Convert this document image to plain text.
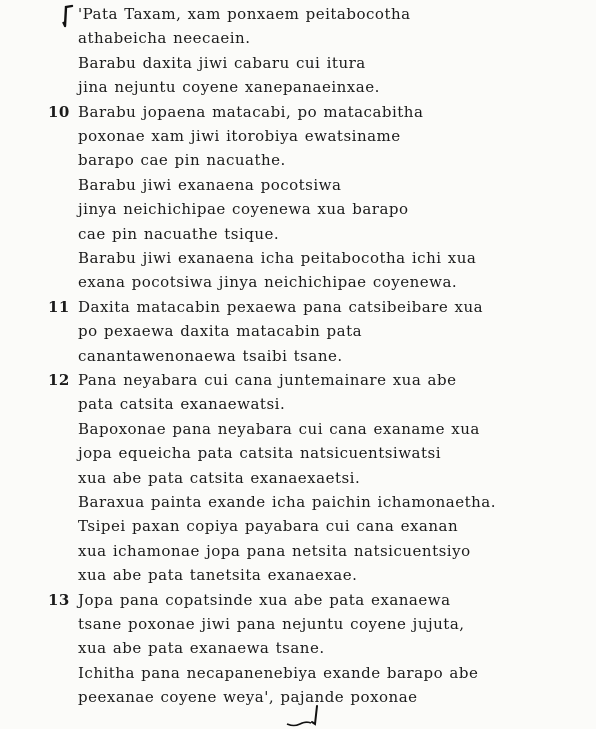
'Pata Taxam, xam ponxaem peitabocotha
athabeicha neecaein.
Barabu daxita jiwi cabaru cui itura
jina nejuntu coyene xanepanaeinxae.
10 Barabu jopaena matacabi, po matacabitha
poxonae xam jiwi itorobiya ewatsiname
barapo cae pin nacuathe.
Barabu jiwi exanaena pocotsiwa
jinya neichichipae coyenewa xua barapo
cae pin nacuathe tsique.
Barabu jiwi exanaena icha peitabocotha ichi xua
exana pocotsiwa jinya neichichipae coyenewa.
11 Daxita matacabin pexaewa pana catsibeibare xua
po pexaewa daxita matacabin pata
canantawenonaewa tsaibi tsane.
12 Pana neyabara cui cana juntemainare xua abe
pata catsita exanaewatsi.
Bapoxonae pana neyabara cui cana exaname xua
jopa equeicha pata catsita natsicuentsiwatsi
xua abe pata catsita exanaexaetsi.
Baraxua painta exande icha paichin ichamonaetha.
Tsipei paxan copiya payabara cui cana exanan
xua ichamonae jopa pana netsita natsicuentsiyo
xua abe pata tanetsita exanaexae.
13 Jopa pana copatsinde xua abe pata exanaewa
tsane poxonae jiwi pana nejuntu coyene jujuta,
xua abe pata exanaewa tsane.
Ichitha pana necapanenebiya exande barapo abe
peexanae coyene weya', pajande poxonae
